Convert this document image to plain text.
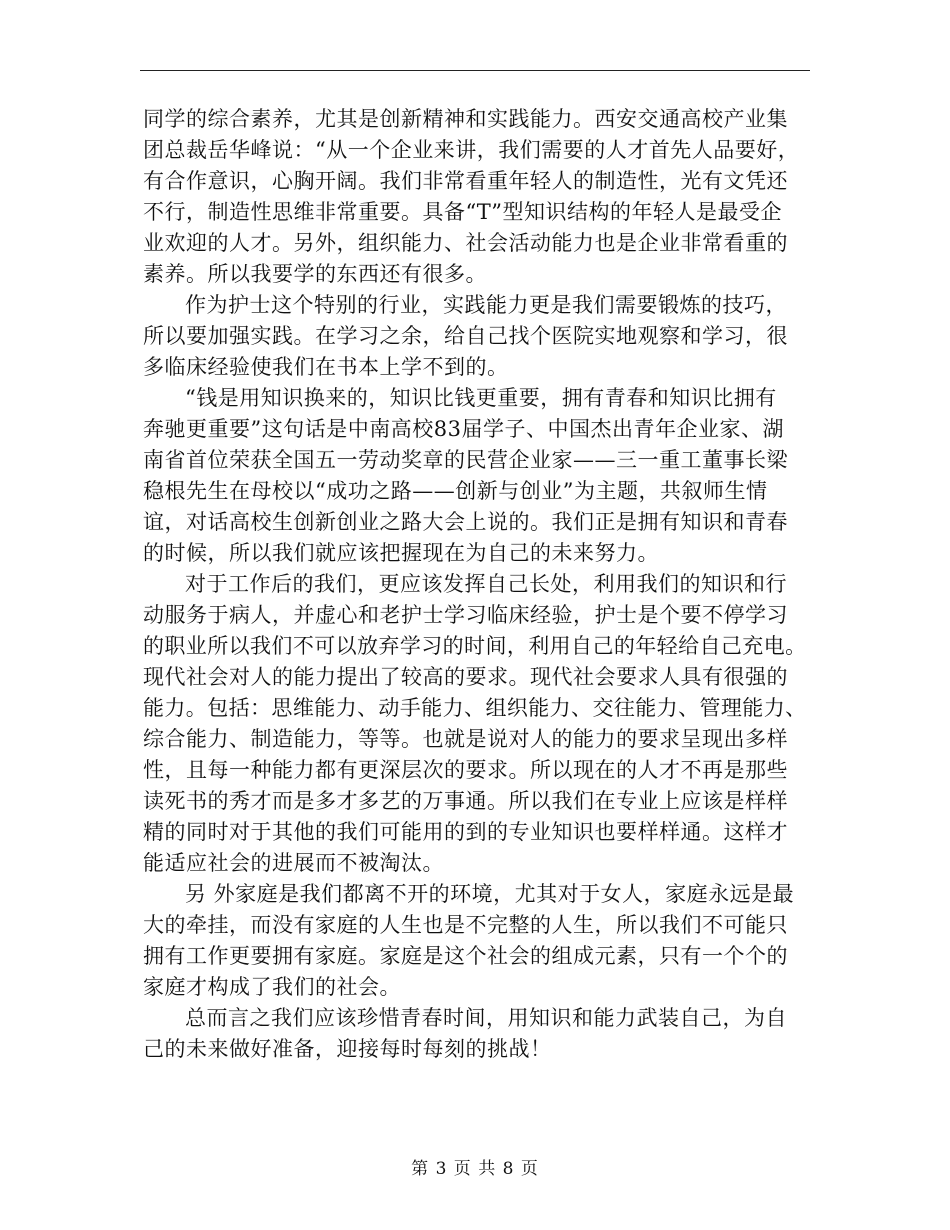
同学的综合素养，尤其是创新精神和实践能力。西安交通高校产业集
团总裁岳华峰说：“从一个企业来讲，我们需要的人才首先人品要好，
有合作意识，心胸开阔。我们非常看重年轻人的制造性，光有文凭还
不行，制造性思维非常重要。具备“T”型知识结构的年轻人是最受企
业欢迎的人才。另外，组织能力、社会活动能力也是企业非常看重的
素养。所以我要学的东西还有很多。

作为护士这个特别的行业，实践能力更是我们需要锻炼的技巧，
所以要加强实践。在学习之余，给自己找个医院实地观察和学习，很
多临床经验使我们在书本上学不到的。

“钱是用知识换来的，知识比钱更重要，拥有青春和知识比拥有
奔驰更重要”这句话是中南高校83届学子、中国杰出青年企业家、湖
南省首位荣获全国五一劳动奖章的民营企业家——三一重工董事长梁
稳根先生在母校以“成功之路——创新与创业”为主题，共叙师生情
谊，对话高校生创新创业之路大会上说的。我们正是拥有知识和青春
的时候，所以我们就应该把握现在为自己的未来努力。

对于工作后的我们，更应该发挥自己长处，利用我们的知识和行
动服务于病人，并虚心和老护士学习临床经验，护士是个要不停学习
的职业所以我们不可以放弃学习的时间，利用自己的年轻给自己充电。
现代社会对人的能力提出了较高的要求。现代社会要求人具有很强的
能力。包括：思维能力、动手能力、组织能力、交往能力、管理能力、
综合能力、制造能力，等等。也就是说对人的能力的要求呈现出多样
性，且每一种能力都有更深层次的要求。所以现在的人才不再是那些
读死书的秀才而是多才多艺的万事通。所以我们在专业上应该是样样
精的同时对于其他的我们可能用的到的专业知识也要样样通。这样才
能适应社会的进展而不被淘汰。

另 外家庭是我们都离不开的环境，尤其对于女人，家庭永远是最
大的牵挂，而没有家庭的人生也是不完整的人生，所以我们不可能只
拥有工作更要拥有家庭。家庭是这个社会的组成元素，只有一个个的
家庭才构成了我们的社会。

总而言之我们应该珍惜青春时间，用知识和能力武装自己，为自
己的未来做好准备，迎接每时每刻的挑战！

第 3 页 共 8 页
